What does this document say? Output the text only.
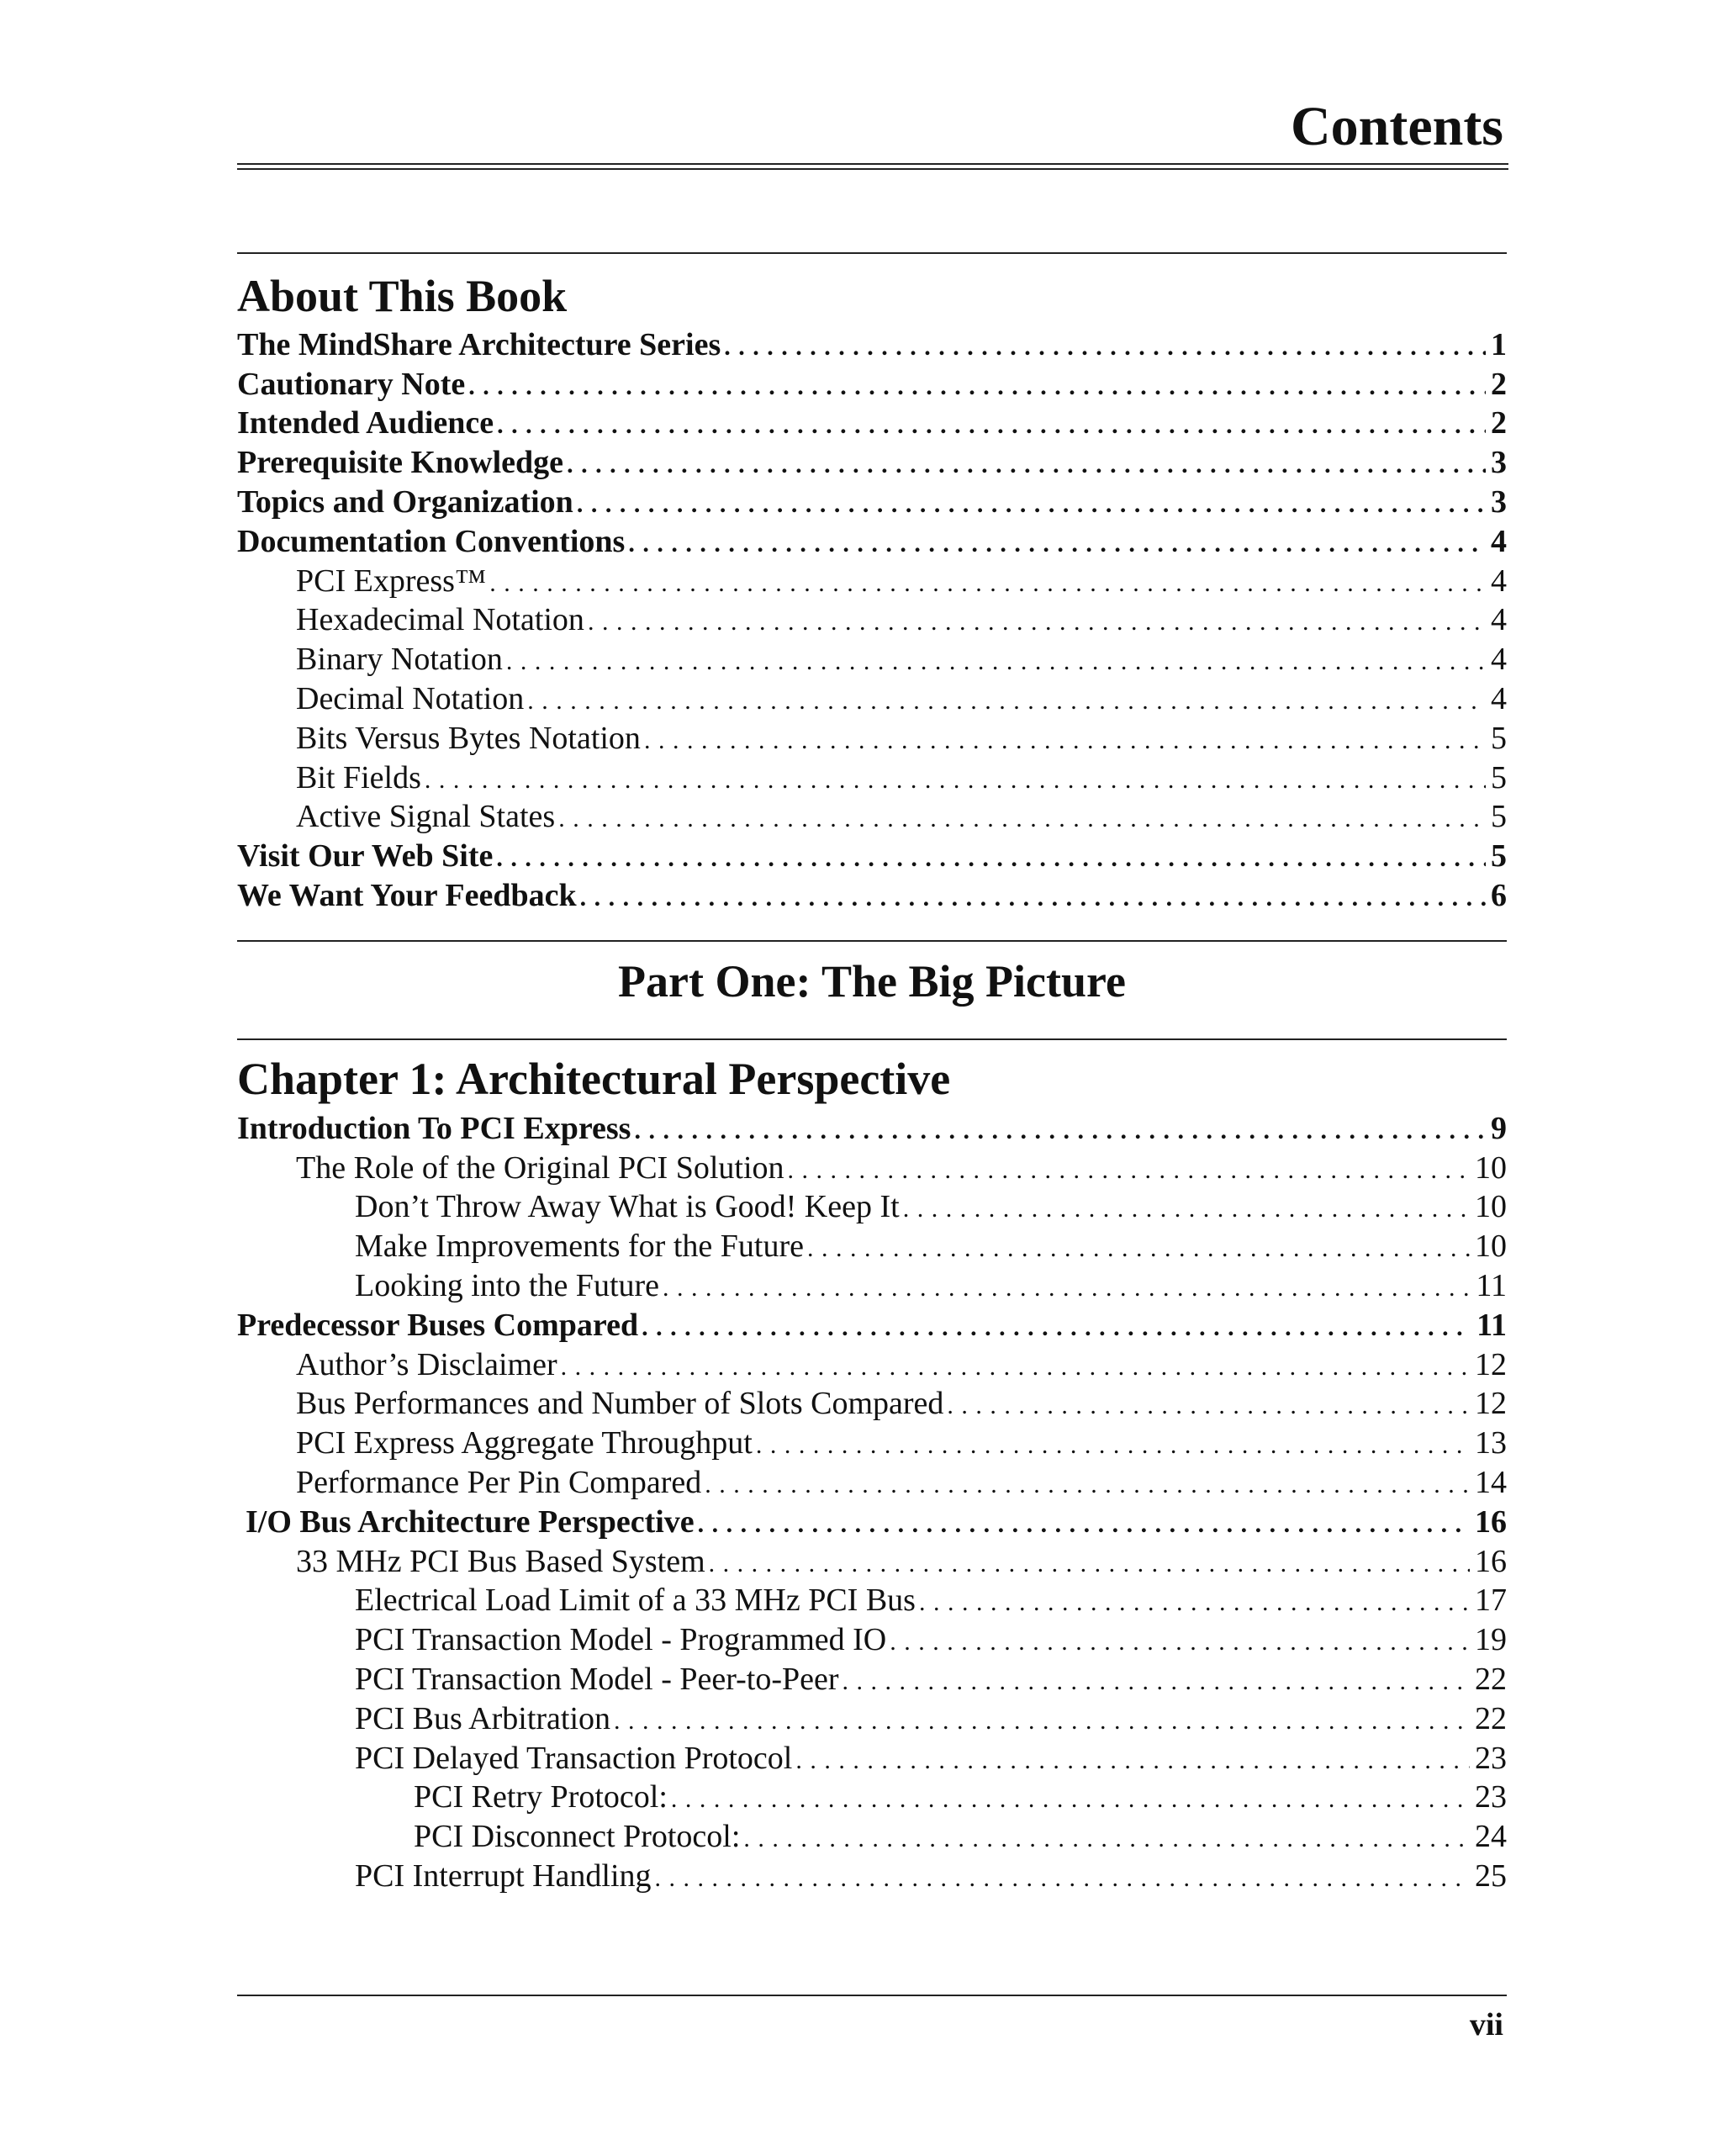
Contents
About This Book
The MindShare Architecture Series . . .	1
Cautionary Note . . .	2
Intended Audience . . .	2
Prerequisite Knowledge . . .	3
Topics and Organization . . .	3
Documentation Conventions . . .	4
PCI Express™ . . .	4
Hexadecimal Notation . . .	4
Binary Notation . . .	4
Decimal Notation . . .	4
Bits Versus Bytes Notation . . .	5
Bit Fields . . .	5
Active Signal States . . .	5
Visit Our Web Site . . .	5
We Want Your Feedback . . .	6
Part One: The Big Picture
Chapter 1: Architectural Perspective
Introduction To PCI Express . . .	9
The Role of the Original PCI Solution . . .	10
Don’t Throw Away What is Good! Keep It . . .	10
Make Improvements for the Future . . .	10
Looking into the Future . . .	11
Predecessor Buses Compared . . .	11
Author’s Disclaimer . . .	12
Bus Performances and Number of Slots Compared . . .	12
PCI Express Aggregate Throughput . . .	13
Performance Per Pin Compared . . .	14
I/O Bus Architecture Perspective . . .	16
33 MHz PCI Bus Based System . . .	16
Electrical Load Limit of a 33 MHz PCI Bus . . .	17
PCI Transaction Model - Programmed IO . . .	19
PCI Transaction Model - Peer-to-Peer . . .	22
PCI Bus Arbitration . . .	22
PCI Delayed Transaction Protocol . . .	23
PCI Retry Protocol: . . .	23
PCI Disconnect Protocol: . . .	24
PCI Interrupt Handling . . .	25
vii
